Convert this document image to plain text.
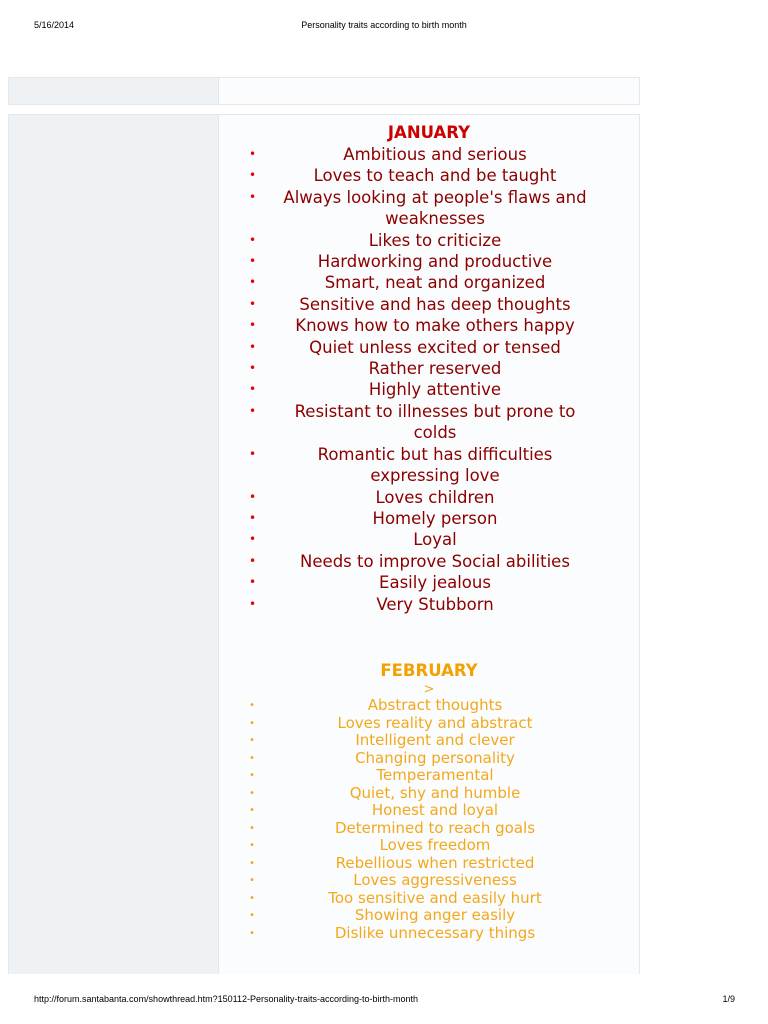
5/16/2014	Personality traits according to birth month
JANUARY
•	Ambitious and serious
•	Loves to teach and be taught
• Always looking at people's flaws and weaknesses
•	Likes to criticize
•	Hardworking and productive
•	Smart, neat and organized
•	Sensitive and has deep thoughts
• Knows how to make others happy
•	Quiet unless excited or tensed
•	Rather reserved
•	Highly attentive
• Resistant to illnesses but prone to colds
•	Romantic but has difficulties expressing love
•	Loves children
•	Homely person
•	Loyal
•	Needs to improve Social abilities
•	Easily jealous
•	Very Stubborn
FEBRUARY
>
•	Abstract thoughts
•	Loves reality and abstract
•	Intelligent and clever
•	Changing personality
•	Temperamental
•	Quiet, shy and humble
•	Honest and loyal
•	Determined to reach goals
•	Loves freedom
•	Rebellious when restricted
•	Loves aggressiveness
•	Too sensitive and easily hurt
•	Showing anger easily
•	Dislike unnecessary things
http://forum.santabanta.com/showthread.htm?150112-Personality-traits-according-to-birth-month	1/9
